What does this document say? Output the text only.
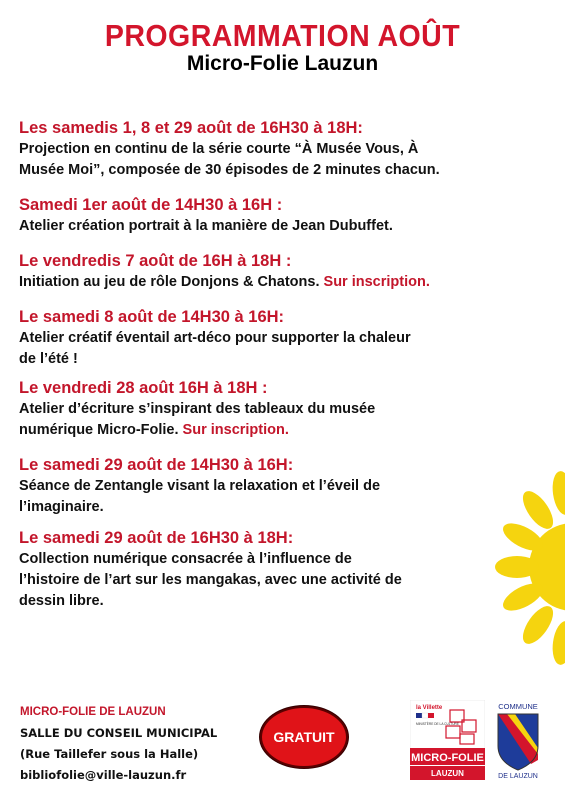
PROGRAMMATION AOÛT
Micro-Folie Lauzun

Les samedis 1, 8 et 29 août de 16H30 à 18H:

Projection en continu de la série courte “À Musée Vous, À

Musée Moi”, composée de 30 épisodes de 2 minutes chacun.

Samedi 1er août de 14H30 à 16H :

Atelier création portrait à la manière de Jean Dubuffet.

Le vendredis 7 août de 16H à 18H :

Initiation au jeu de rôle Donjons & Chatons. Sur inscription.

Le samedi 8 août de 14H30 à 16H:

Atelier créatif éventail art-déco pour supporter la chaleur

de l’été !

Le vendredi 28 août 16H à 18H :

Atelier d’écriture s’inspirant des tableaux du musée

numérique Micro-Folie. Sur inscription.

Le samedi 29 août de 14H30 à 16H:

Séance de Zentangle visant la relaxation et l’éveil de

l’imaginaire.

Le samedi 29 août de 16H30 à 18H:

Collection numérique consacrée à l’influence de

l’histoire de l’art sur les mangakas, avec une activité de

dessin libre.

MICRO-FOLIE DE LAUZUN
SALLE DU CONSEIL MUNICIPAL
(Rue Taillefer sous la Halle)
bibliofolie@ville-lauzun.fr
GRATUIT
la Villette
MINISTÈRE DE LA CULTURE
MICRO-FOLIE
LAUZUN
COMMUNE
DE LAUZUN
